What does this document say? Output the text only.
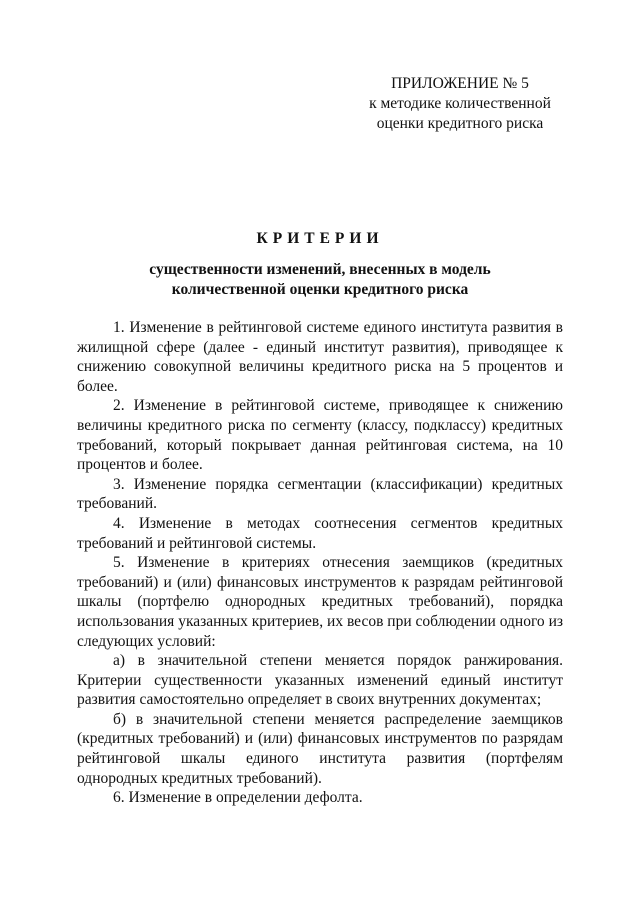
ПРИЛОЖЕНИЕ № 5
к методике количественной
оценки кредитного риска
КРИТЕРИИ
существенности изменений, внесенных в модель
количественной оценки кредитного риска

1. Изменение в рейтинговой системе единого института развития в жилищной сфере (далее - единый институт развития), приводящее к снижению совокупной величины кредитного риска на 5 процентов и более.

2. Изменение в рейтинговой системе, приводящее к снижению величины кредитного риска по сегменту (классу, подклассу) кредитных требований, который покрывает данная рейтинговая система, на 10 процентов и более.

3. Изменение порядка сегментации (классификации) кредитных требований.

4. Изменение в методах соотнесения сегментов кредитных требований и рейтинговой системы.

5. Изменение в критериях отнесения заемщиков (кредитных требований) и (или) финансовых инструментов к разрядам рейтинговой шкалы (портфелю однородных кредитных требований), порядка использования указанных критериев, их весов при соблюдении одного из следующих условий:

а) в значительной степени меняется порядок ранжирования. Критерии существенности указанных изменений единый институт развития самостоятельно определяет в своих внутренних документах;

б) в значительной степени меняется распределение заемщиков (кредитных требований) и (или) финансовых инструментов по разрядам рейтинговой шкалы единого института развития (портфелям однородных кредитных требований).

6. Изменение в определении дефолта.
